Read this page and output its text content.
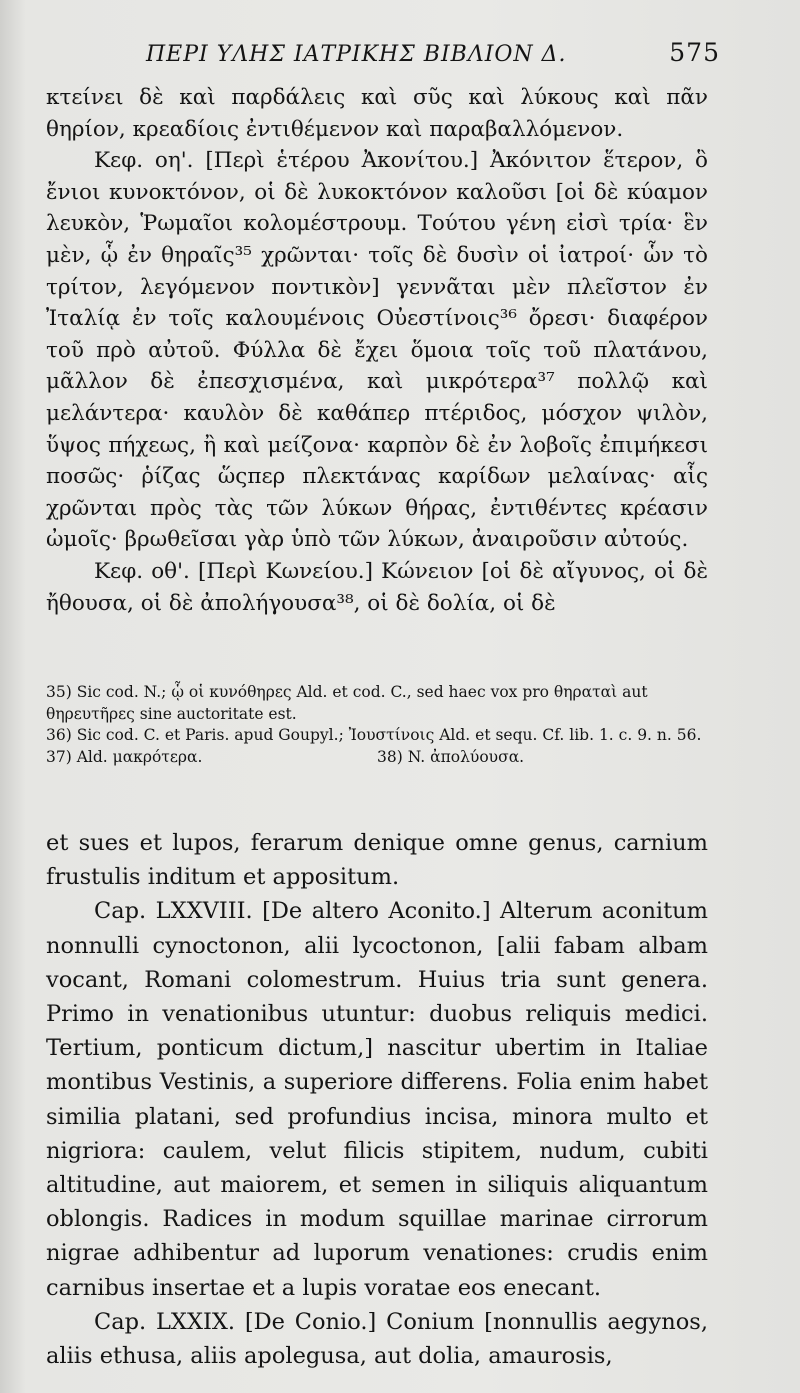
ΠΕΡΙ ΥΛΗΣ ΙΑΤΡΙΚΗΣ ΒΙΒΛΙΟΝ Δ.	575

κτείνει δὲ καὶ παρδάλεις καὶ σῦς καὶ λύκους καὶ πᾶν θηρίον, κρεαδίοις ἐντιθέμενον καὶ παραβαλλόμενον.

Κεφ. οη'. [Περὶ ἑτέρου Ἀκονίτου.] Ἀκόνιτον ἕτερον, ὃ ἔνιοι κυνοκτόνον, οἱ δὲ λυκοκτόνον καλοῦσι [οἱ δὲ κύαμον λευκὸν, Ῥωμαῖοι κολομέστρουμ. Τούτου γένη εἰσὶ τρία· ἓν μὲν, ᾧ ἐν θηραῖς³⁵ χρῶνται· τοῖς δὲ δυσὶν οἱ ἰατροί· ὧν τὸ τρίτον, λεγόμενον ποντικὸν] γεννᾶται μὲν πλεῖστον ἐν Ἰταλίᾳ ἐν τοῖς καλουμένοις Οὐεστίνοις³⁶ ὄρεσι· διαφέρον τοῦ πρὸ αὐτοῦ. Φύλλα δὲ ἔχει ὅμοια τοῖς τοῦ πλατάνου, μᾶλλον δὲ ἐπεσχισμένα, καὶ μικρότερα³⁷ πολλῷ καὶ μελάντερα· καυλὸν δὲ καθάπερ πτέριδος, μόσχον ψιλὸν, ὕψος πήχεως, ἢ καὶ μείζονα· καρπὸν δὲ ἐν λοβοῖς ἐπιμήκεσι ποσῶς· ῥίζας ὥςπερ πλεκτάνας καρίδων μελαίνας· αἷς χρῶνται πρὸς τὰς τῶν λύκων θήρας, ἐντιθέντες κρέασιν ὠμοῖς· βρωθεῖσαι γὰρ ὑπὸ τῶν λύκων, ἀναιροῦσιν αὐτούς.

Κεφ. οθ'. [Περὶ Κωνείου.] Κώνειον [οἱ δὲ αἴγυνος, οἱ δὲ ἤθουσα, οἱ δὲ ἀπολήγουσα³⁸, οἱ δὲ δολία, οἱ δὲ

35) Sic cod. N.; ᾧ οἱ κυνόθηρες Ald. et cod. C., sed haec vox pro θηραταὶ aut θηρευτῆρες sine auctoritate est.
36) Sic cod. C. et Paris. apud Goupyl.; Ἰουστίνοις Ald. et sequ. Cf. lib. 1. c. 9. n. 56.
37) Ald. μακρότερα.	38) N. ἀπολύουσα.

et sues et lupos, ferarum denique omne genus, carnium frustulis inditum et appositum.

Cap. LXXVIII. [De altero Aconito.] Alterum aconitum nonnulli cynoctonon, alii lycoctonon, [alii fabam albam vocant, Romani colomestrum. Huius tria sunt genera. Primo in venationibus utuntur: duobus reliquis medici. Tertium, ponticum dictum,] nascitur ubertim in Italiae montibus Vestinis, a superiore differens. Folia enim habet similia platani, sed profundius incisa, minora multo et nigriora: caulem, velut filicis stipitem, nudum, cubiti altitudine, aut maiorem, et semen in siliquis aliquantum oblongis. Radices in modum squillae marinae cirrorum nigrae adhibentur ad luporum venationes: crudis enim carnibus insertae et a lupis voratae eos enecant.

Cap. LXXIX. [De Conio.] Conium [nonnullis aegynos, aliis ethusa, aliis apolegusa, aut dolia, amaurosis,
